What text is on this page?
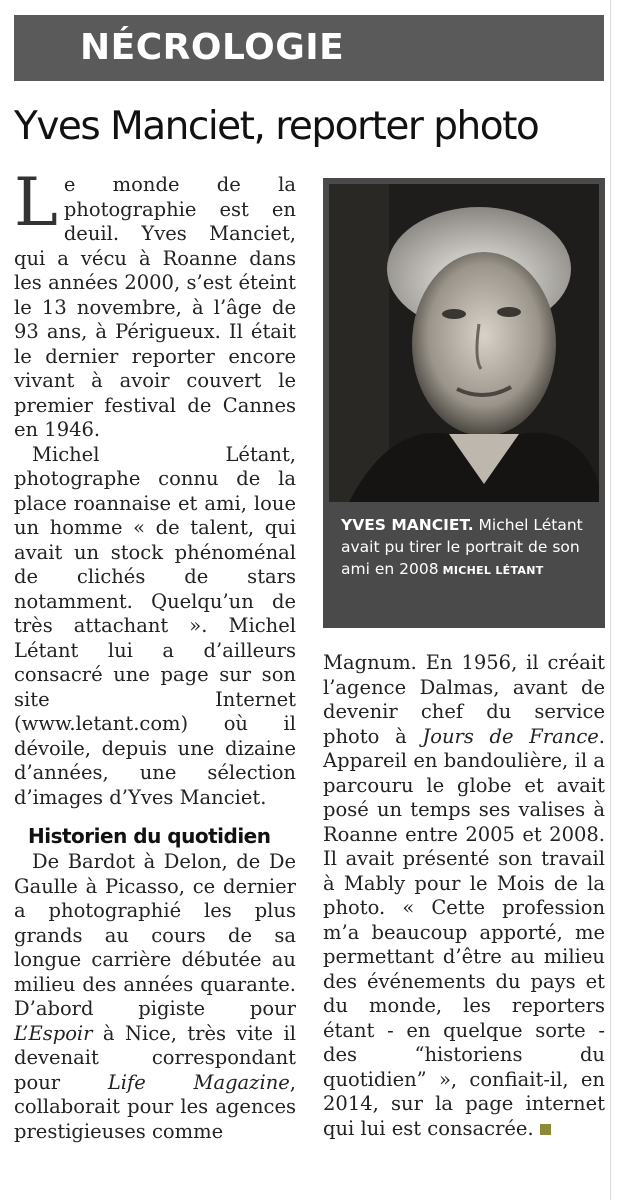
NÉCROLOGIE
Yves Manciet, reporter photo

Le monde de la photographie est en deuil. Yves Manciet, qui a vécu à Roanne dans les années 2000, s’est éteint le 13 novembre, à l’âge de 93 ans, à Périgueux. Il était le dernier reporter encore vivant à avoir couvert le premier festival de Cannes en 1946.

Michel Létant, photographe connu de la place roannaise et ami, loue un homme « de talent, qui avait un stock phénoménal de clichés de stars notamment. Quelqu’un de très attachant ». Michel Létant lui a d’ailleurs consacré une page sur son site Internet (www.letant.com) où il dévoile, depuis une dizaine d’années, une sélection d’images d’Yves Manciet.

Historien du quotidien

De Bardot à Delon, de De Gaulle à Picasso, ce dernier a photographié les plus grands au cours de sa longue carrière débutée au milieu des années quarante. D’abord pigiste pour L’Espoir à Nice, très vite il devenait correspondant pour Life Magazine, collaborait pour les agences prestigieuses comme

YVES MANCIET. Michel Létant avait pu tirer le portrait de son ami en 2008 MICHEL LÉTANT

Magnum. En 1956, il créait l’agence Dalmas, avant de devenir chef du service photo à Jours de France. Appareil en bandoulière, il a parcouru le globe et avait posé un temps ses valises à Roanne entre 2005 et 2008. Il avait présenté son travail à Mably pour le Mois de la photo. « Cette profession m’a beaucoup apporté, me permettant d’être au milieu des événements du pays et du monde, les reporters étant - en quelque sorte - des “historiens du quotidien” », confiait-il, en 2014, sur la page internet qui lui est consacrée.
